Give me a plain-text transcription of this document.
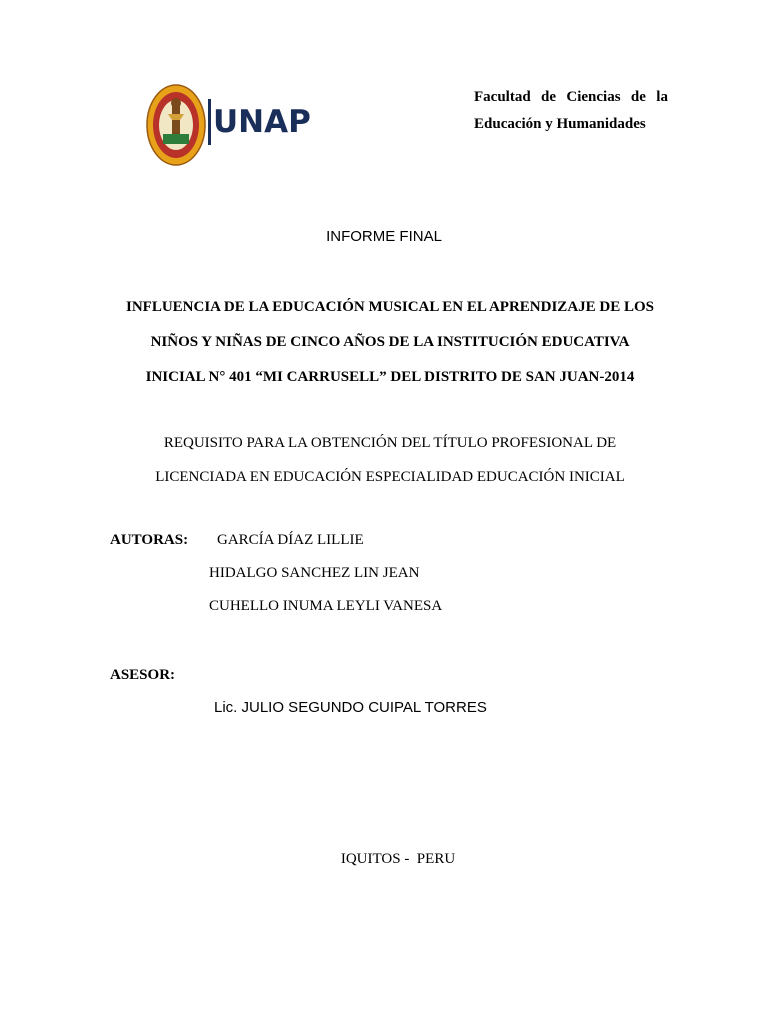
UNAP
Facultad de Ciencias de la
Educación y Humanidades
INFORME FINAL
INFLUENCIA DE LA EDUCACIÓN MUSICAL EN EL APRENDIZAJE DE LOS
NIÑOS Y NIÑAS DE CINCO AÑOS DE LA INSTITUCIÓN EDUCATIVA
INICIAL N° 401 “MI CARRUSELL” DEL DISTRITO DE SAN JUAN-2014
REQUISITO PARA LA OBTENCIÓN DEL TÍTULO PROFESIONAL DE
LICENCIADA EN EDUCACIÓN ESPECIALIDAD EDUCACIÓN INICIAL
AUTORAS: GARCÍA DÍAZ LILLIE
HIDALGO SANCHEZ LIN JEAN
CUHELLO INUMA LEYLI VANESA
ASESOR:
Lic. JULIO SEGUNDO CUIPAL TORRES
IQUITOS -  PERU
